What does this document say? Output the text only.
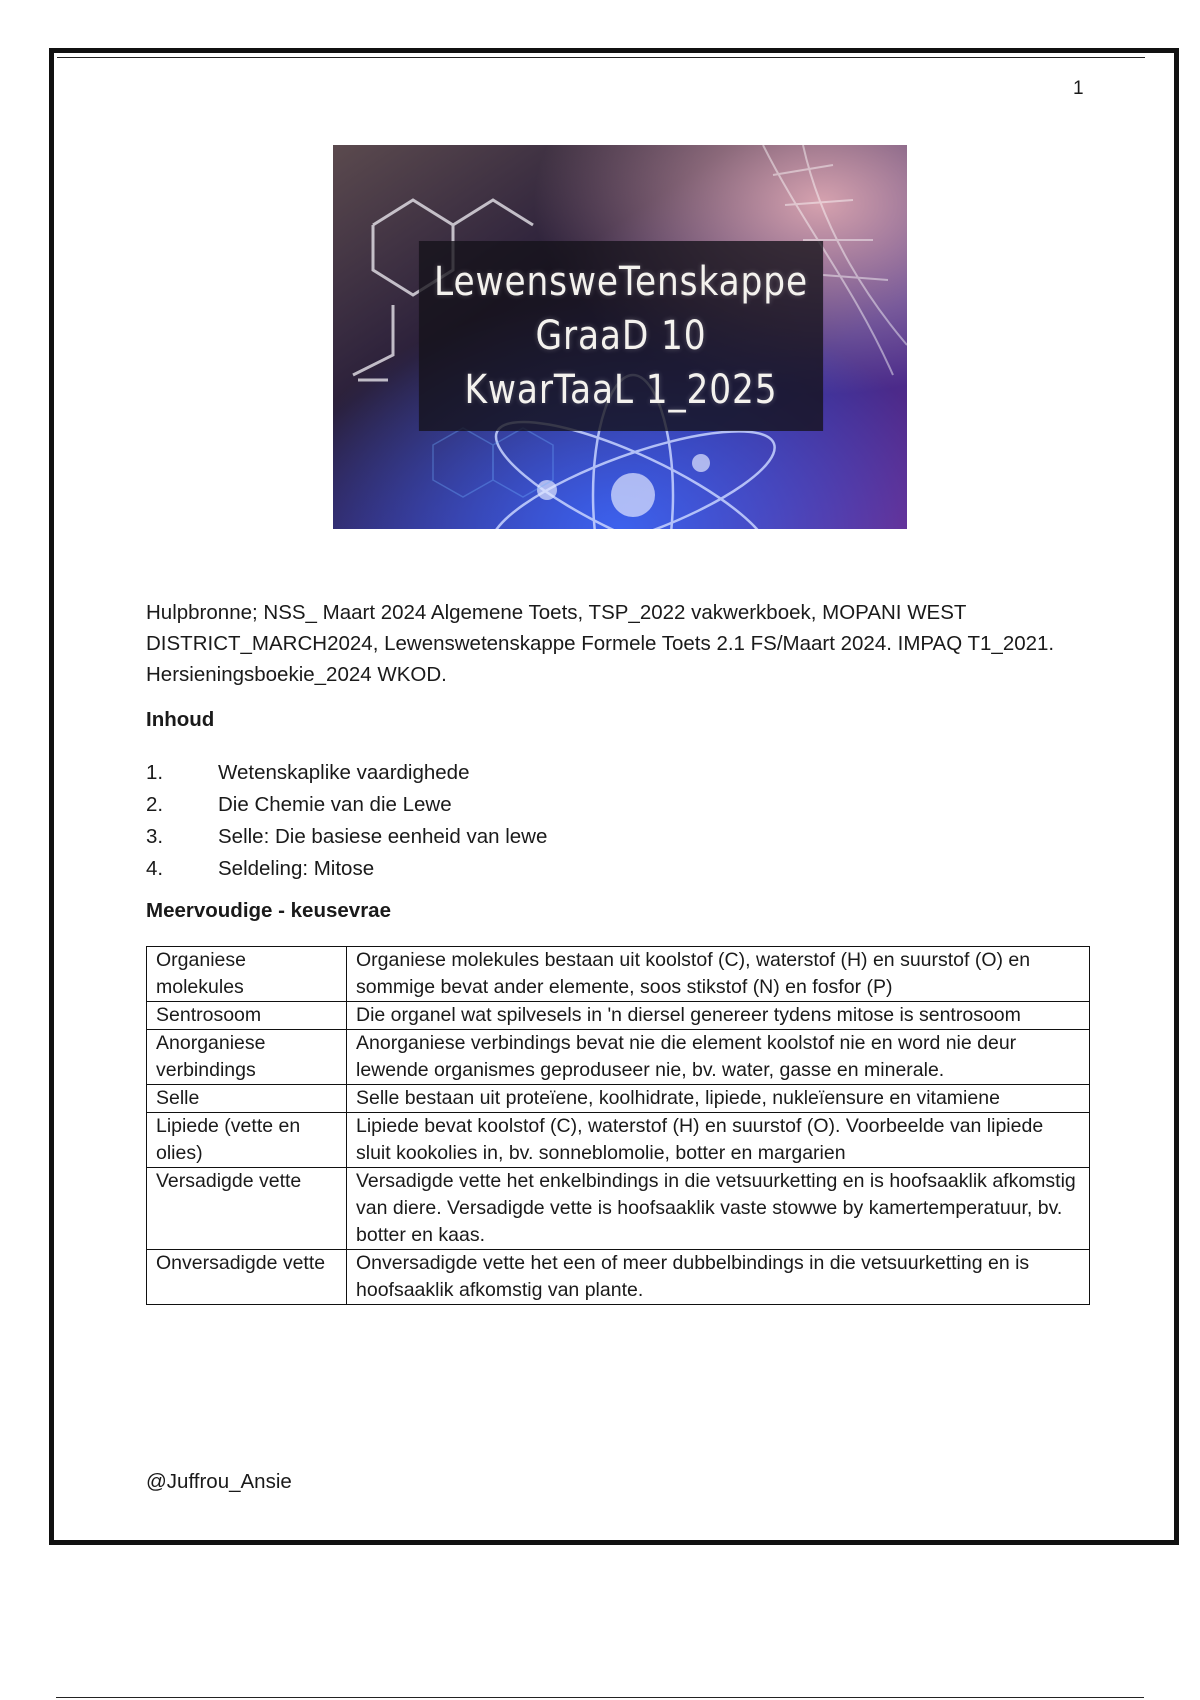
1
LewensweTenskappe
GraaD 10
KwarTaaL 1_2025
Hulpbronne; NSS_ Maart 2024 Algemene Toets, TSP_2022 vakwerkboek, MOPANI WEST DISTRICT_MARCH2024, Lewenswetenskappe Formele Toets 2.1 FS/Maart 2024. IMPAQ T1_2021. Hersieningsboekie_2024 WKOD.
Inhoud
1.	Wetenskaplike vaardighede
2.	Die Chemie van die Lewe
3.	Selle: Die basiese eenheid van lewe
4.	Seldeling: Mitose
Meervoudige - keusevrae
Organiese molekules	Organiese molekules bestaan uit koolstof (C), waterstof (H) en suurstof (O) en sommige bevat ander elemente, soos stikstof (N) en fosfor (P)
Sentrosoom	Die organel wat spilvesels in 'n diersel genereer tydens mitose is sentrosoom
Anorganiese verbindings	Anorganiese verbindings bevat nie die element koolstof nie en word nie deur lewende organismes geproduseer nie, bv. water, gasse en minerale.
Selle	Selle bestaan uit proteïene, koolhidrate, lipiede, nukleïensure en vitamiene
Lipiede (vette en olies)	Lipiede bevat koolstof (C), waterstof (H) en suurstof (O). Voorbeelde van lipiede sluit kookolies in, bv. sonneblomolie, botter en margarien
Versadigde vette	Versadigde vette het enkelbindings in die vetsuurketting en is hoofsaaklik afkomstig van diere. Versadigde vette is hoofsaaklik vaste stowwe by kamertemperatuur, bv. botter en kaas.
Onversadigde vette	Onversadigde vette het een of meer dubbelbindings in die vetsuurketting en is hoofsaaklik afkomstig van plante.
@Juffrou_Ansie
